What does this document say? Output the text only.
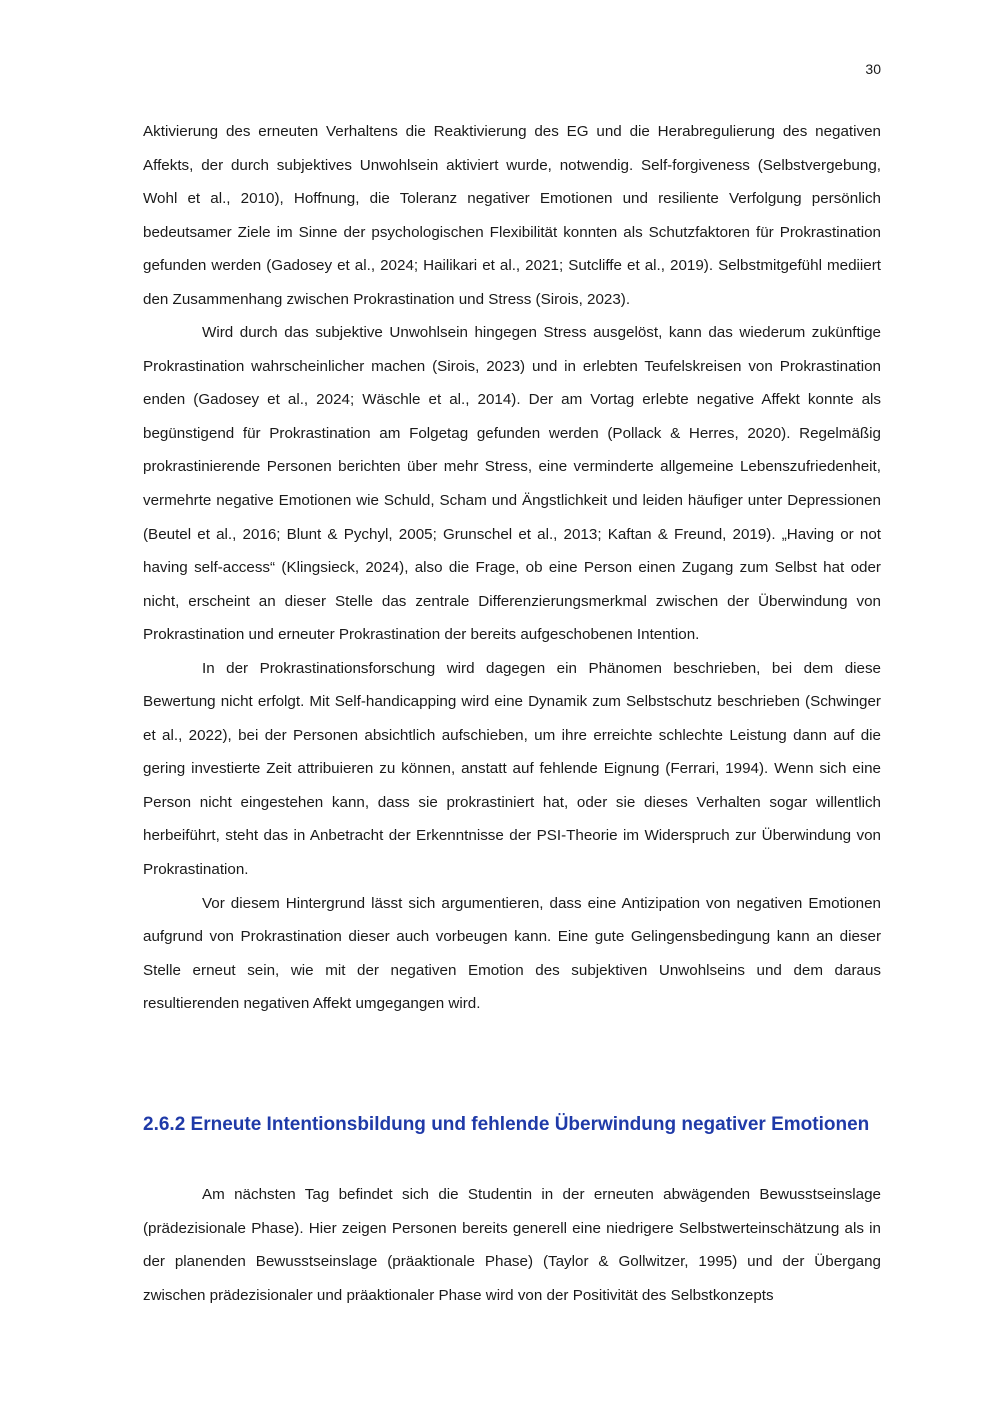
30

Aktivierung des erneuten Verhaltens die Reaktivierung des EG und die Herabregulierung des negativen Affekts, der durch subjektives Unwohlsein aktiviert wurde, notwendig. Self-forgiveness (Selbstvergebung, Wohl et al., 2010), Hoffnung, die Toleranz negativer Emotionen und resiliente Verfolgung persönlich bedeutsamer Ziele im Sinne der psychologischen Flexibilität konnten als Schutzfaktoren für Prokrastination gefunden werden (Gadosey et al., 2024; Hailikari et al., 2021; Sutcliffe et al., 2019). Selbstmitgefühl mediiert den Zusammenhang zwischen Prokrastination und Stress (Sirois, 2023).

Wird durch das subjektive Unwohlsein hingegen Stress ausgelöst, kann das wiederum zukünftige Prokrastination wahrscheinlicher machen (Sirois, 2023) und in erlebten Teufelskreisen von Prokrastination enden (Gadosey et al., 2024; Wäschle et al., 2014). Der am Vortag erlebte negative Affekt konnte als begünstigend für Prokrastination am Folgetag gefunden werden (Pollack & Herres, 2020). Regelmäßig prokrastinierende Personen berichten über mehr Stress, eine verminderte allgemeine Lebenszufriedenheit, vermehrte negative Emotionen wie Schuld, Scham und Ängstlichkeit und leiden häufiger unter Depressionen (Beutel et al., 2016; Blunt & Pychyl, 2005; Grunschel et al., 2013; Kaftan & Freund, 2019). „Having or not having self-access“ (Klingsieck, 2024), also die Frage, ob eine Person einen Zugang zum Selbst hat oder nicht, erscheint an dieser Stelle das zentrale Differenzierungsmerkmal zwischen der Überwindung von Prokrastination und erneuter Prokrastination der bereits aufgeschobenen Intention.

In der Prokrastinationsforschung wird dagegen ein Phänomen beschrieben, bei dem diese Bewertung nicht erfolgt. Mit Self-handicapping wird eine Dynamik zum Selbstschutz beschrieben (Schwinger et al., 2022), bei der Personen absichtlich aufschieben, um ihre erreichte schlechte Leistung dann auf die gering investierte Zeit attribuieren zu können, anstatt auf fehlende Eignung (Ferrari, 1994). Wenn sich eine Person nicht eingestehen kann, dass sie prokrastiniert hat, oder sie dieses Verhalten sogar willentlich herbeiführt, steht das in Anbetracht der Erkenntnisse der PSI-Theorie im Widerspruch zur Überwindung von Prokrastination.

Vor diesem Hintergrund lässt sich argumentieren, dass eine Antizipation von negativen Emotionen aufgrund von Prokrastination dieser auch vorbeugen kann. Eine gute Gelingensbedingung kann an dieser Stelle erneut sein, wie mit der negativen Emotion des subjektiven Unwohlseins und dem daraus resultierenden negativen Affekt umgegangen wird.

2.6.2 Erneute Intentionsbildung und fehlende Überwindung negativer Emotionen

Am nächsten Tag befindet sich die Studentin in der erneuten abwägenden Bewusstseinslage (prädezisionale Phase). Hier zeigen Personen bereits generell eine niedrigere Selbstwerteinschätzung als in der planenden Bewusstseinslage (präaktionale Phase) (Taylor & Gollwitzer, 1995) und der Übergang zwischen prädezisionaler und präaktionaler Phase wird von der Positivität des Selbstkonzepts
